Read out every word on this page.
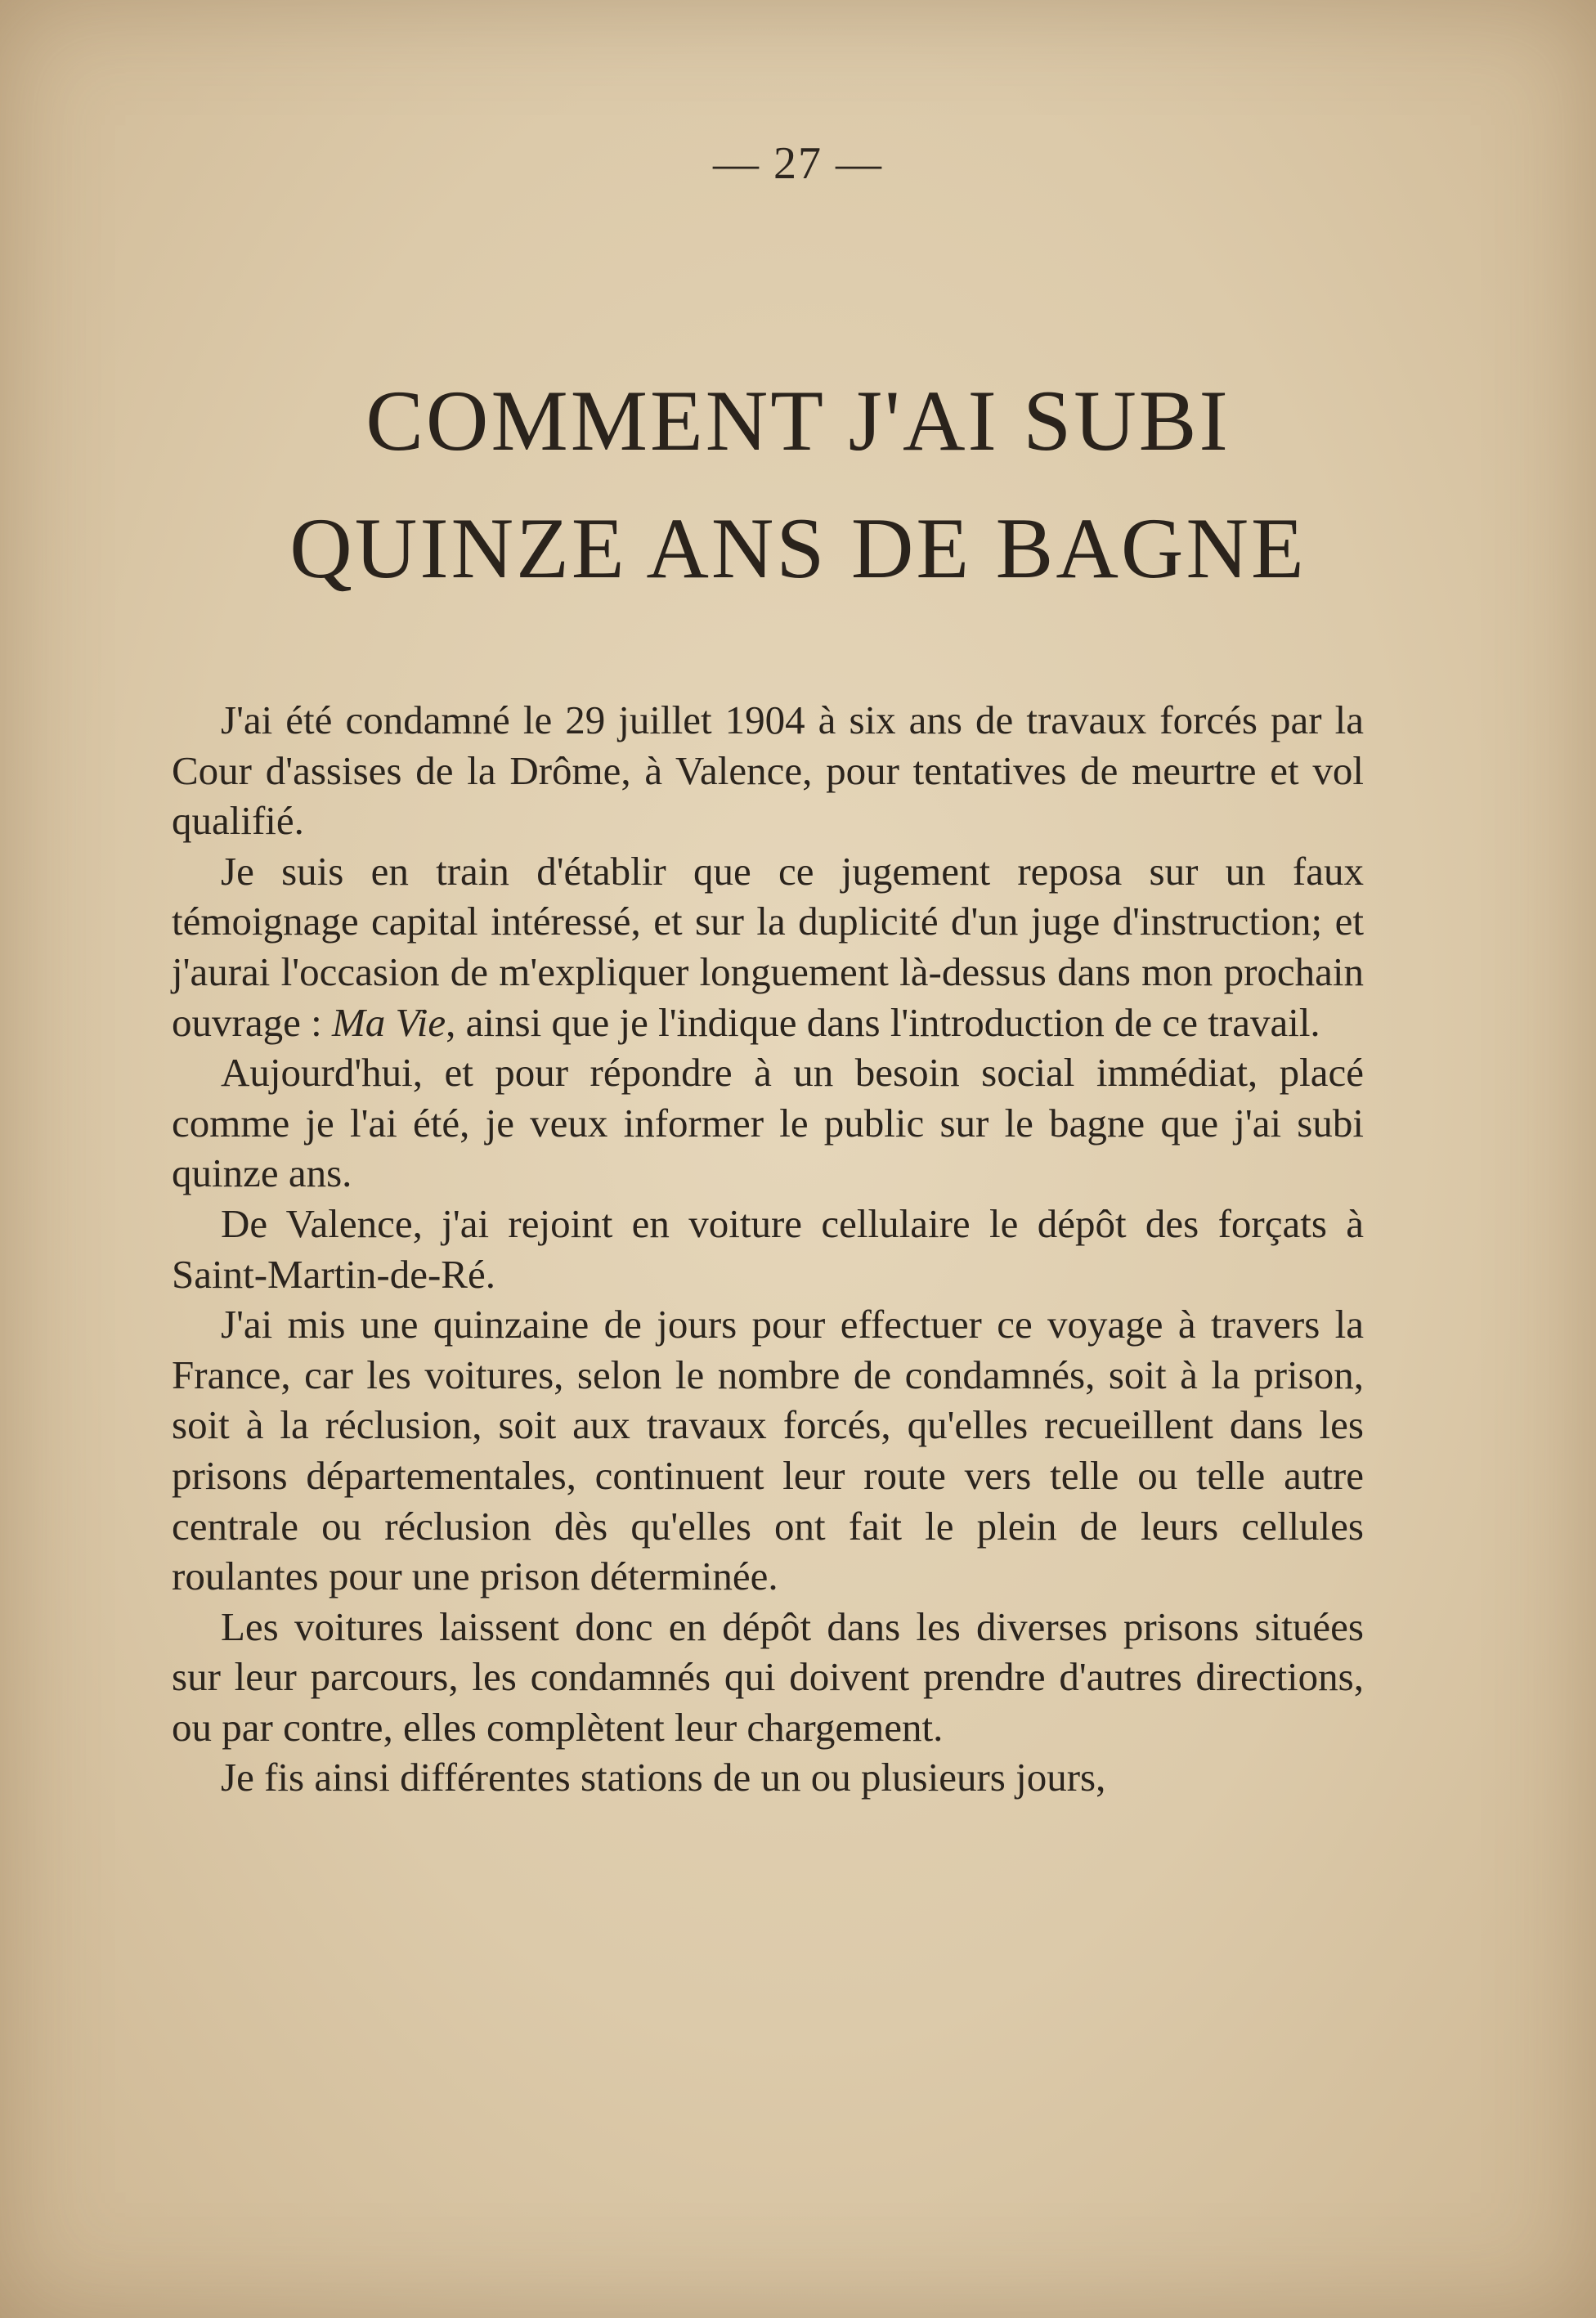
— 27 —
COMMENT J'AI SUBI
QUINZE ANS DE BAGNE

J'ai été condamné le 29 juillet 1904 à six ans de travaux forcés par la Cour d'assises de la Drôme, à Valence, pour tentatives de meurtre et vol qualifié.

Je suis en train d'établir que ce jugement reposa sur un faux témoignage capital intéressé, et sur la duplicité d'un juge d'instruction; et j'aurai l'occasion de m'expliquer longuement là-dessus dans mon prochain ouvrage : Ma Vie, ainsi que je l'indique dans l'introduction de ce travail.

Aujourd'hui, et pour répondre à un besoin social immédiat, placé comme je l'ai été, je veux informer le public sur le bagne que j'ai subi quinze ans.

De Valence, j'ai rejoint en voiture cellulaire le dépôt des forçats à Saint-Martin-de-Ré.

J'ai mis une quinzaine de jours pour effectuer ce voyage à travers la France, car les voitures, selon le nombre de condamnés, soit à la prison, soit à la réclusion, soit aux travaux forcés, qu'elles recueillent dans les prisons départementales, continuent leur route vers telle ou telle autre centrale ou réclusion dès qu'elles ont fait le plein de leurs cellules roulantes pour une prison déterminée.

Les voitures laissent donc en dépôt dans les diverses prisons situées sur leur parcours, les condamnés qui doivent prendre d'autres directions, ou par contre, elles complètent leur chargement.

Je fis ainsi différentes stations de un ou plusieurs jours,
